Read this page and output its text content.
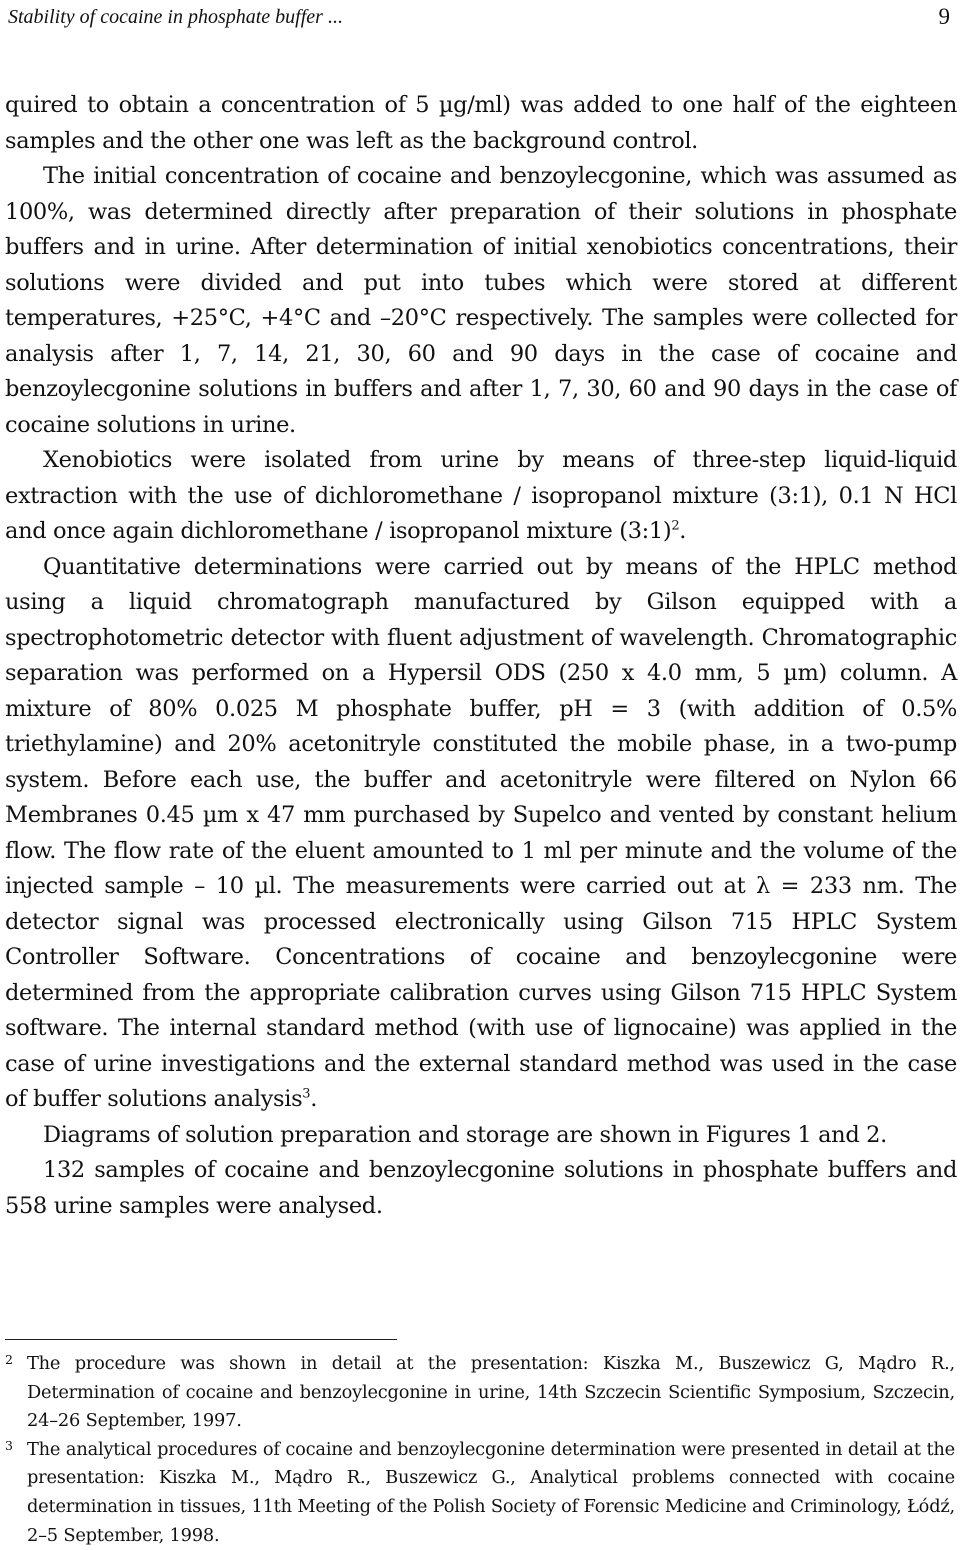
Stability of cocaine in phosphate buffer ...	9

quired to obtain a concentration of 5 µg/ml) was added to one half of the eighteen samples and the other one was left as the background control.

The initial concentration of cocaine and benzoylecgonine, which was assumed as 100%, was determined directly after preparation of their solutions in phosphate buffers and in urine. After determination of initial xenobiotics concentrations, their solutions were divided and put into tubes which were stored at different temperatures, +25°C, +4°C and –20°C respectively. The samples were collected for analysis after 1, 7, 14, 21, 30, 60 and 90 days in the case of cocaine and benzoylecgonine solutions in buffers and after 1, 7, 30, 60 and 90 days in the case of cocaine solutions in urine.

Xenobiotics were isolated from urine by means of three-step liquid-liquid extraction with the use of dichloromethane / isopropanol mixture (3:1), 0.1 N HCl and once again dichloromethane / isopropanol mixture (3:1)$^2$.

Quantitative determinations were carried out by means of the HPLC method using a liquid chromatograph manufactured by Gilson equipped with a spectrophotometric detector with fluent adjustment of wavelength. Chromatographic separation was performed on a Hypersil ODS (250 x 4.0 mm, 5 µm) column. A mixture of 80% 0.025 M phosphate buffer, pH = 3 (with addition of 0.5% triethylamine) and 20% acetonitryle constituted the mobile phase, in a two-pump system. Before each use, the buffer and acetonitryle were filtered on Nylon 66 Membranes 0.45 µm x 47 mm purchased by Supelco and vented by constant helium flow. The flow rate of the eluent amounted to 1 ml per minute and the volume of the injected sample – 10 µl. The measurements were carried out at λ = 233 nm. The detector signal was processed electronically using Gilson 715 HPLC System Controller Software. Concentrations of cocaine and benzoylecgonine were determined from the appropriate calibration curves using Gilson 715 HPLC System software. The internal standard method (with use of lignocaine) was applied in the case of urine investigations and the external standard method was used in the case of buffer solutions analysis$^3$.

Diagrams of solution preparation and storage are shown in Figures 1 and 2.

132 samples of cocaine and benzoylecgonine solutions in phosphate buffers and 558 urine samples were analysed.

2 The procedure was shown in detail at the presentation: Kiszka M., Buszewicz G, Mądro R., Determination of cocaine and benzoylecgonine in urine, 14th Szczecin Scientific Symposium, Szczecin, 24–26 September, 1997.
3 The analytical procedures of cocaine and benzoylecgonine determination were presented in detail at the presentation: Kiszka M., Mądro R., Buszewicz G., Analytical problems connected with cocaine determination in tissues, 11th Meeting of the Polish Society of Forensic Medicine and Criminology, Łódź, 2–5 September, 1998.
